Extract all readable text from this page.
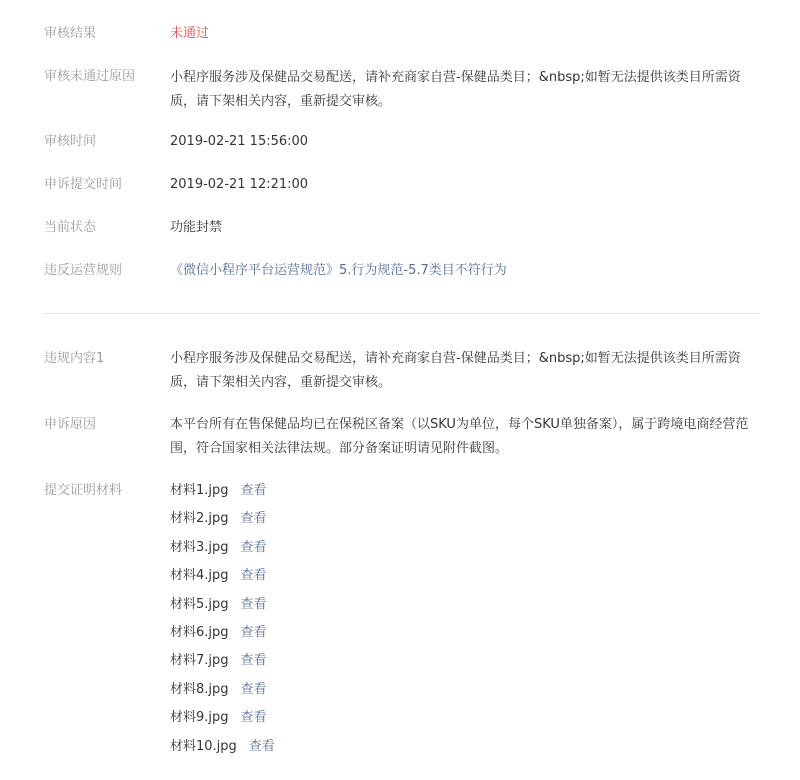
审核结果	未通过
审核未通过原因	小程序服务涉及保健品交易配送，请补充商家自营-保健品类目；&nbsp;如暂无法提供该类目所需资质，请下架相关内容，重新提交审核。
审核时间	2019-02-21 15:56:00
申诉提交时间	2019-02-21 12:21:00
当前状态	功能封禁
违反运营规则	《微信小程序平台运营规范》5.行为规范-5.7类目不符行为
违规内容1	小程序服务涉及保健品交易配送，请补充商家自营-保健品类目；&nbsp;如暂无法提供该类目所需资质，请下架相关内容，重新提交审核。
申诉原因	本平台所有在售保健品均已在保税区备案（以SKU为单位，每个SKU单独备案），属于跨境电商经营范围，符合国家相关法律法规。部分备案证明请见附件截图。
提交证明材料	材料1.jpg 查看
材料2.jpg 查看
材料3.jpg 查看
材料4.jpg 查看
材料5.jpg 查看
材料6.jpg 查看
材料7.jpg 查看
材料8.jpg 查看
材料9.jpg 查看
材料10.jpg 查看
